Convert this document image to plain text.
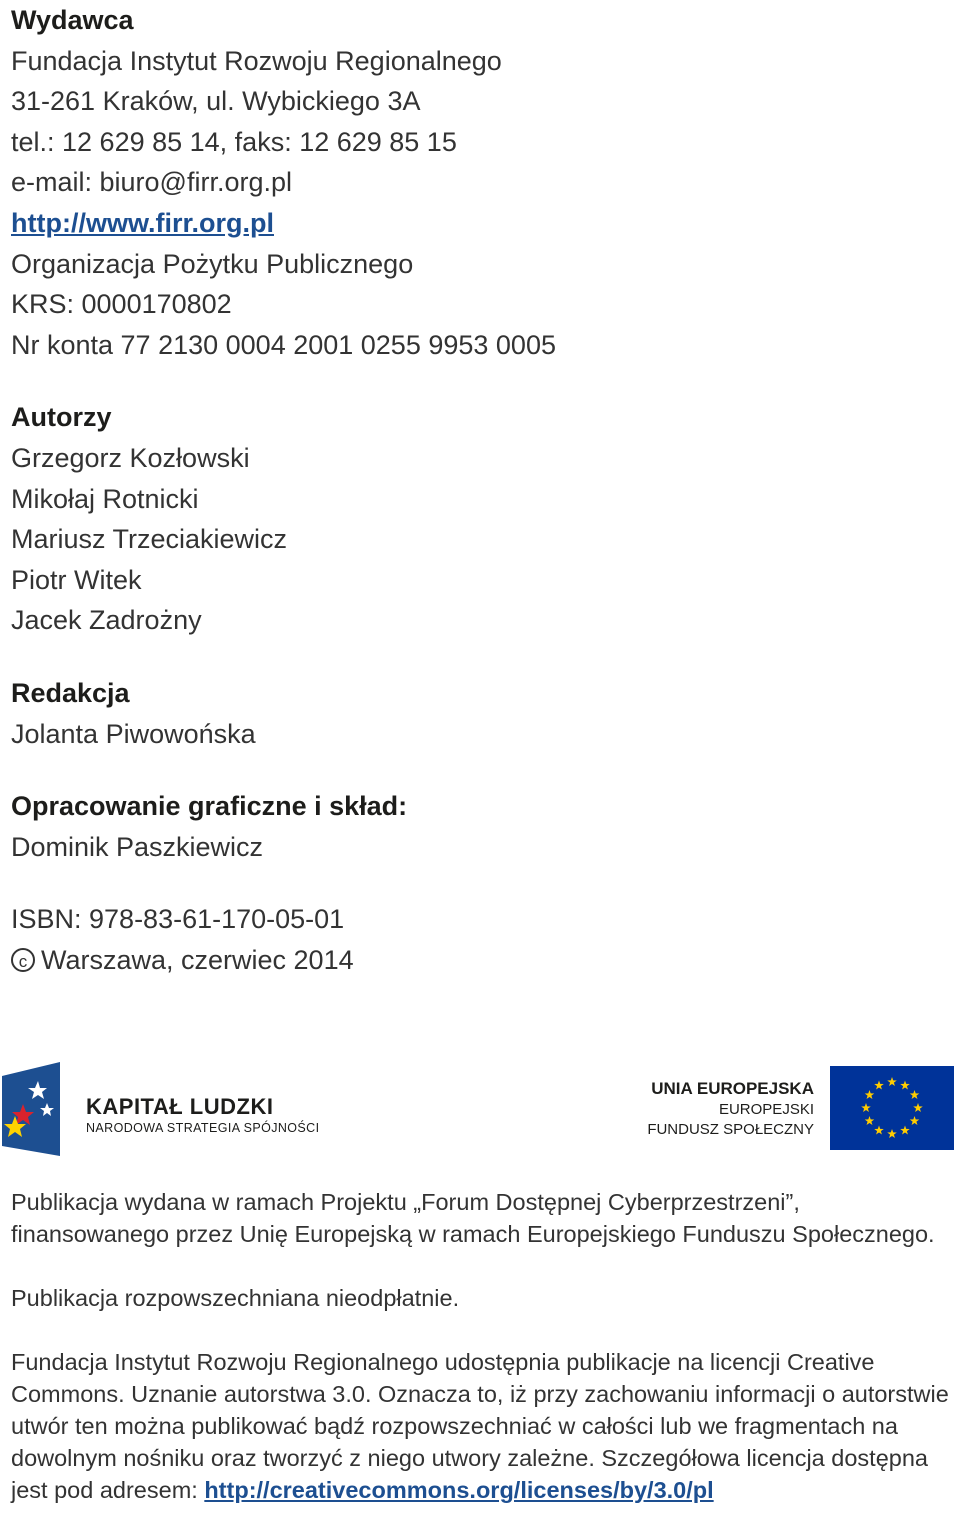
Wydawca
Fundacja Instytut Rozwoju Regionalnego
31-261 Kraków, ul. Wybickiego 3A
tel.: 12 629 85 14, faks: 12 629 85 15
e-mail: biuro@firr.org.pl
http://www.firr.org.pl
Organizacja Pożytku Publicznego
KRS: 0000170802
Nr konta 77 2130 0004 2001 0255 9953 0005
Autorzy
Grzegorz Kozłowski
Mikołaj Rotnicki
Mariusz Trzeciakiewicz
Piotr Witek
Jacek Zadrożny
Redakcja
Jolanta Piwowońska
Opracowanie graficzne i skład:
Dominik Paszkiewicz
ISBN: 978-83-61-170-05-01
c Warszawa, czerwiec 2014
KAPITAŁ LUDZKI
NARODOWA STRATEGIA SPÓJNOŚCI
UNIA EUROPEJSKA
EUROPEJSKI
FUNDUSZ SPOŁECZNY

Publikacja wydana w ramach Projektu „Forum Dostępnej Cyberprzestrzeni”, finansowanego przez Unię Europejską w ramach Europejskiego Funduszu Społecznego.

Publikacja rozpowszechniana nieodpłatnie.

Fundacja Instytut Rozwoju Regionalnego udostępnia publikacje na licencji Creative Commons. Uznanie autorstwa 3.0. Oznacza to, iż przy zachowaniu informacji o autorstwie utwór ten można publikować bądź rozpowszechniać w całości lub we fragmentach na dowolnym nośniku oraz tworzyć z niego utwory zależne. Szczegółowa licencja dostępna jest pod adresem: http://creativecommons.org/licenses/by/3.0/pl
